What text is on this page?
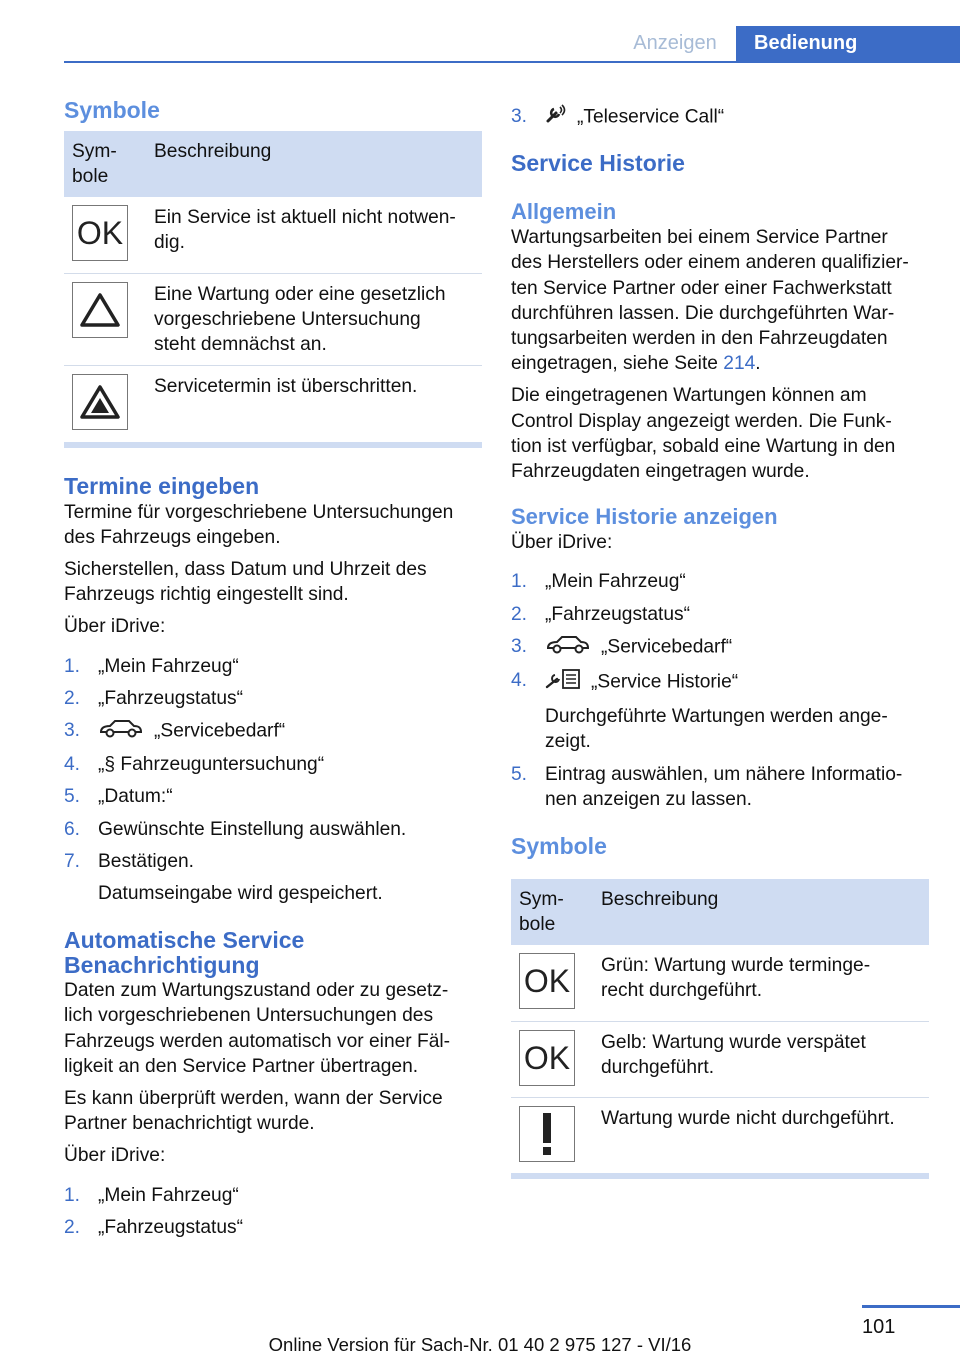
Anzeigen	Bedienung
Symbole
Sym-
bole	Beschreibung

OK	Ein Service ist aktuell nicht notwen-
dig.

	Eine Wartung oder eine gesetzlich
vorgeschriebene Untersuchung
steht demnächst an.

	Servicetermin ist überschritten.
Termine eingeben

Termine für vorgeschriebene Untersuchungen
des Fahrzeugs eingeben.

Sicherstellen, dass Datum und Uhrzeit des
Fahrzeugs richtig eingestellt sind.

Über iDrive:

1. „Mein Fahrzeug“
2. „Fahrzeugstatus“
3.	„Servicebedarf“
4. „§ Fahrzeuguntersuchung“
5. „Datum:“
6. Gewünschte Einstellung auswählen.
7. Bestätigen.
Datumseingabe wird gespeichert.
Automatische Service
Benachrichtigung

Daten zum Wartungszustand oder zu gesetz-
lich vorgeschriebenen Untersuchungen des
Fahrzeugs werden automatisch vor einer Fäl-
ligkeit an den Service Partner übertragen.

Es kann überprüft werden, wann der Service
Partner benachrichtigt wurde.

Über iDrive:

1. „Mein Fahrzeug“
2. „Fahrzeugstatus“
3.	„Teleservice Call“
Service Historie
Allgemein

Wartungsarbeiten bei einem Service Partner
des Herstellers oder einem anderen qualifizier-
ten Service Partner oder einer Fachwerkstatt
durchführen lassen. Die durchgeführten War-
tungsarbeiten werden in den Fahrzeugdaten
eingetragen, siehe Seite 214.

Die eingetragenen Wartungen können am
Control Display angezeigt werden. Die Funk-
tion ist verfügbar, sobald eine Wartung in den
Fahrzeugdaten eingetragen wurde.

Service Historie anzeigen

Über iDrive:

1. „Mein Fahrzeug“
2. „Fahrzeugstatus“
3.	„Servicebedarf“
4.	„Service Historie“
Durchgeführte Wartungen werden ange-
zeigt.
5. Eintrag auswählen, um nähere Informatio-
nen anzeigen zu lassen.
Symbole
Sym-
bole	Beschreibung

OK	Grün: Wartung wurde terminge-
recht durchgeführt.

OK	Gelb: Wartung wurde verspätet
durchgeführt.

	Wartung wurde nicht durchgeführt.
101
Online Version für Sach-Nr. 01 40 2 975 127 - VI/16
